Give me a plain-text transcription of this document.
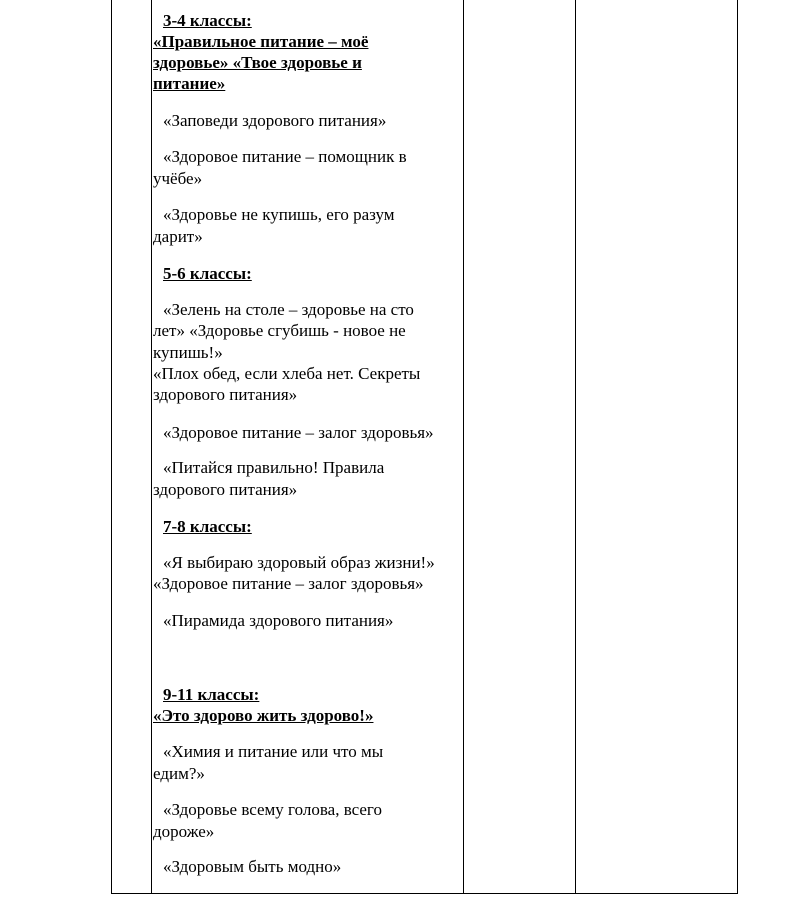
3-4 классы:
«Правильное питание – моё
здоровье» «Твое здоровье и
питание»
«Заповеди здорового питания»
«Здоровое питание – помощник в
учёбе»
«Здоровье не купишь, его разум
дарит»
5-6 классы:
«Зелень на столе – здоровье на сто
лет» «Здоровье сгубишь - новое не
купишь!»
«Плох обед, если хлеба нет. Секреты
здорового питания»
«Здоровое питание – залог здоровья»
«Питайся правильно! Правила
здорового питания»
7-8 классы:
«Я выбираю здоровый образ жизни!»
«Здоровое питание – залог здоровья»
«Пирамида здорового питания»
9-11 классы:
«Это здорово жить здорово!»
«Химия и питание или что мы
едим?»
«Здоровье всему голова, всего
дороже»
«Здоровым быть модно»
